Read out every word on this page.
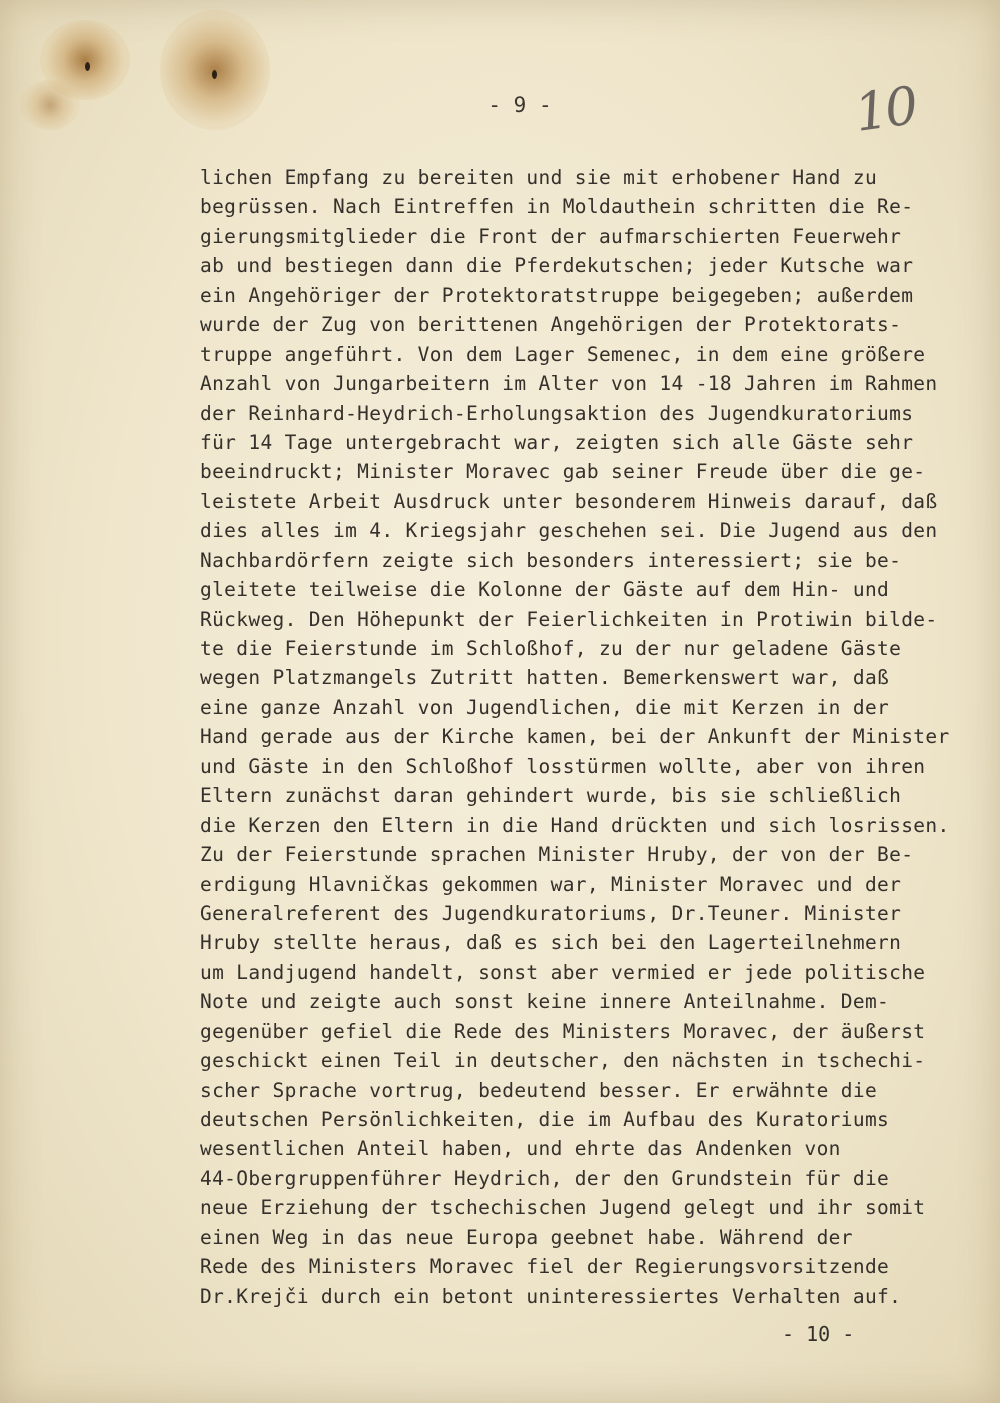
- 9 -	10
lichen Empfang zu bereiten und sie mit erhobener Hand zu
begrüssen. Nach Eintreffen in Moldauthein schritten die Re-
gierungsmitglieder die Front der aufmarschierten Feuerwehr
ab und bestiegen dann die Pferdekutschen; jeder Kutsche war
ein Angehöriger der Protektoratstruppe beigegeben; außerdem
wurde der Zug von berittenen Angehörigen der Protektorats-
truppe angeführt. Von dem Lager Semenec, in dem eine größere
Anzahl von Jungarbeitern im Alter von 14 -18 Jahren im Rahmen
der Reinhard-Heydrich-Erholungsaktion des Jugendkuratoriums
für 14 Tage untergebracht war, zeigten sich alle Gäste sehr
beeindruckt; Minister Moravec gab seiner Freude über die ge-
leistete Arbeit Ausdruck unter besonderem Hinweis darauf, daß
dies alles im 4. Kriegsjahr geschehen sei. Die Jugend aus den
Nachbardörfern zeigte sich besonders interessiert; sie be-
gleitete teilweise die Kolonne der Gäste auf dem Hin- und
Rückweg. Den Höhepunkt der Feierlichkeiten in Protiwin bilde-
te die Feierstunde im Schloßhof, zu der nur geladene Gäste
wegen Platzmangels Zutritt hatten. Bemerkenswert war, daß
eine ganze Anzahl von Jugendlichen, die mit Kerzen in der
Hand gerade aus der Kirche kamen, bei der Ankunft der Minister
und Gäste in den Schloßhof losstürmen wollte, aber von ihren
Eltern zunächst daran gehindert wurde, bis sie schließlich
die Kerzen den Eltern in die Hand drückten und sich losrissen.
Zu der Feierstunde sprachen Minister Hruby, der von der Be-
erdigung Hlavničkas gekommen war, Minister Moravec und der
Generalreferent des Jugendkuratoriums, Dr.Teuner. Minister
Hruby stellte heraus, daß es sich bei den Lagerteilnehmern
um Landjugend handelt, sonst aber vermied er jede politische
Note und zeigte auch sonst keine innere Anteilnahme. Dem-
gegenüber gefiel die Rede des Ministers Moravec, der äußerst
geschickt einen Teil in deutscher, den nächsten in tschechi-
scher Sprache vortrug, bedeutend besser. Er erwähnte die
deutschen Persönlichkeiten, die im Aufbau des Kuratoriums
wesentlichen Anteil haben, und ehrte das Andenken von
44-Obergruppenführer Heydrich, der den Grundstein für die
neue Erziehung der tschechischen Jugend gelegt und ihr somit
einen Weg in das neue Europa geebnet habe. Während der
Rede des Ministers Moravec fiel der Regierungsvorsitzende
Dr.Krejči durch ein betont uninteressiertes Verhalten auf.
- 10 -
